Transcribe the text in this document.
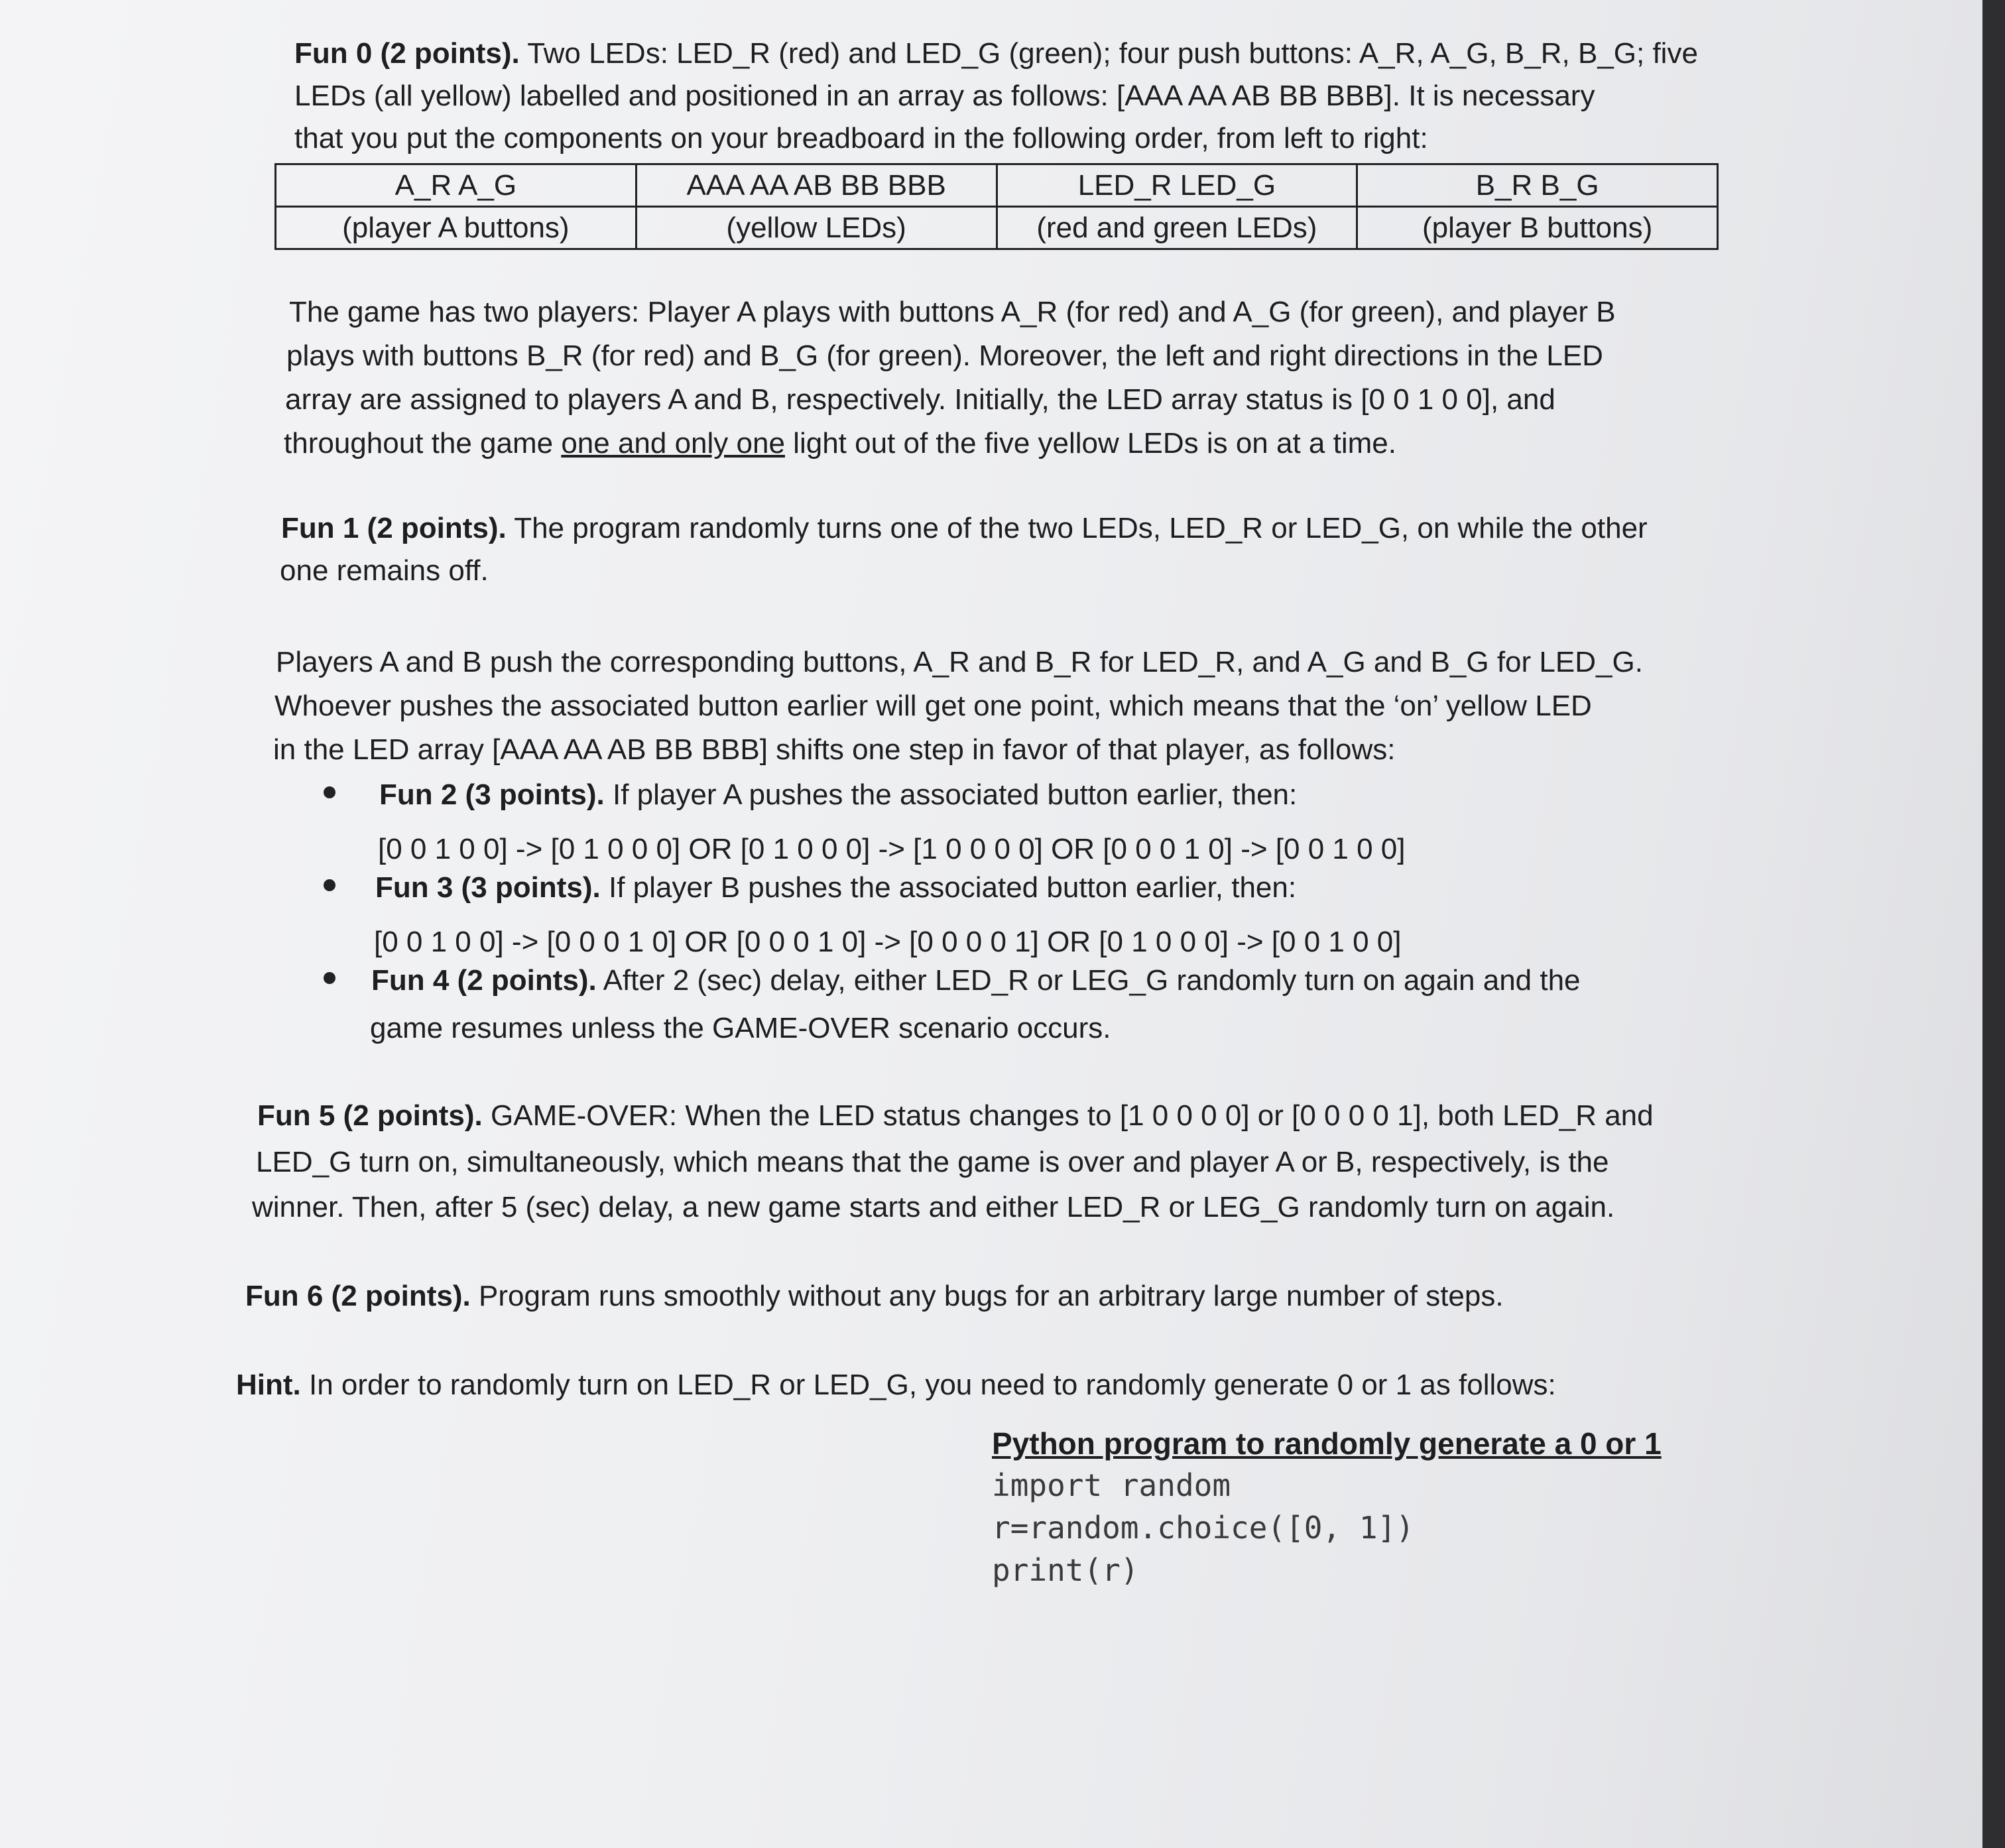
Fun 0 (2 points). Two LEDs: LED_R (red) and LED_G (green); four push buttons: A_R, A_G, B_R, B_G; five

LEDs (all yellow) labelled and positioned in an array as follows: [AAA AA AB BB BBB]. It is necessary

that you put the components on your breadboard in the following order, from left to right:

A_R A_G	AAA AA AB BB BBB	LED_R LED_G	B_R B_G
(player A buttons)	(yellow LEDs)	(red and green LEDs)	(player B buttons)

The game has two players: Player A plays with buttons A_R (for red) and A_G (for green), and player B

plays with buttons B_R (for red) and B_G (for green). Moreover, the left and right directions in the LED

array are assigned to players A and B, respectively. Initially, the LED array status is [0 0 1 0 0], and

throughout the game one and only one light out of the five yellow LEDs is on at a time.

Fun 1 (2 points). The program randomly turns one of the two LEDs, LED_R or LED_G, on while the other

one remains off.

Players A and B push the corresponding buttons, A_R and B_R for LED_R, and A_G and B_G for LED_G.

Whoever pushes the associated button earlier will get one point, which means that the ‘on’ yellow LED

in the LED array [AAA AA AB BB BBB] shifts one step in favor of that player, as follows:

Fun 2 (3 points). If player A pushes the associated button earlier, then:

[0 0 1 0 0] -> [0 1 0 0 0] OR [0 1 0 0 0] -> [1 0 0 0 0] OR [0 0 0 1 0] -> [0 0 1 0 0]

Fun 3 (3 points). If player B pushes the associated button earlier, then:

[0 0 1 0 0] -> [0 0 0 1 0] OR [0 0 0 1 0] -> [0 0 0 0 1] OR [0 1 0 0 0] -> [0 0 1 0 0]

Fun 4 (2 points). After 2 (sec) delay, either LED_R or LEG_G randomly turn on again and the

game resumes unless the GAME-OVER scenario occurs.

Fun 5 (2 points). GAME-OVER: When the LED status changes to [1 0 0 0 0] or [0 0 0 0 1], both LED_R and

LED_G turn on, simultaneously, which means that the game is over and player A or B, respectively, is the

winner. Then, after 5 (sec) delay, a new game starts and either LED_R or LEG_G randomly turn on again.

Fun 6 (2 points). Program runs smoothly without any bugs for an arbitrary large number of steps.

Hint. In order to randomly turn on LED_R or LED_G, you need to randomly generate 0 or 1 as follows:

Python program to randomly generate a 0 or 1
import random
r=random.choice([0, 1])
print(r)
